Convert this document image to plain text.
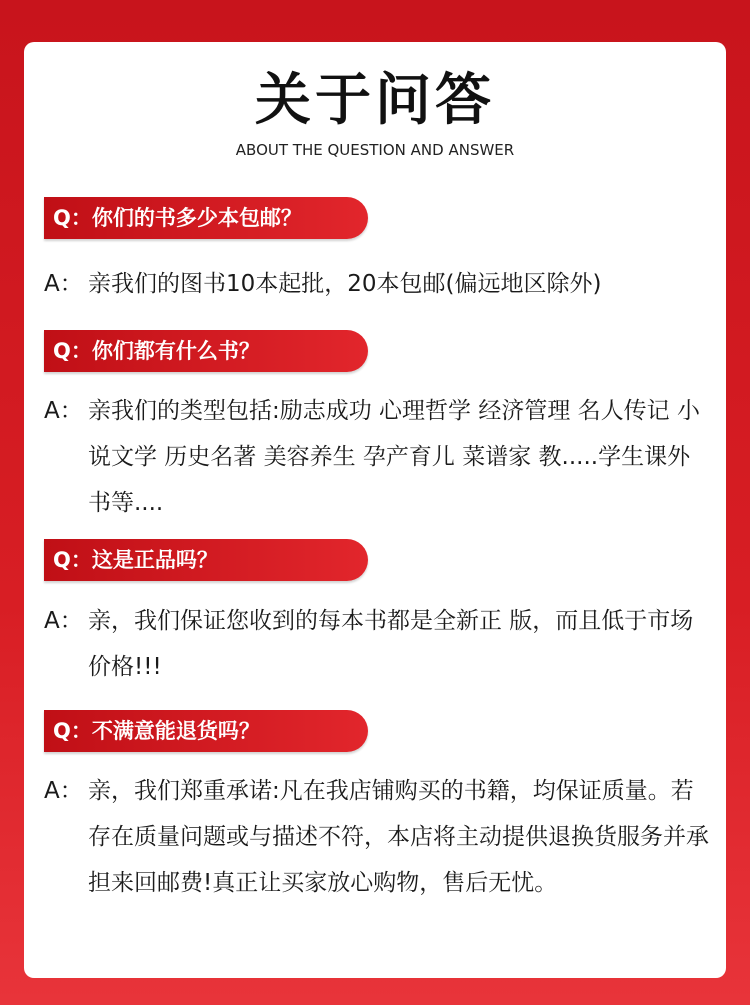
关于问答
ABOUT THE QUESTION AND ANSWER
Q：你们的书多少本包邮？
A： 亲我们的图书10本起批，20本包邮(偏远地区除外)
Q：你们都有什么书？
A： 亲我们的类型包括:励志成功 心理哲学 经济管理 名人传记 小说文学 历史名著 美容养生 孕产育儿 菜谱家 教.....学生课外书等....
Q：这是正品吗？
A： 亲，我们保证您收到的每本书都是全新正 版，而且低于市场价格!!!
Q：不满意能退货吗？
A： 亲，我们郑重承诺:凡在我店铺购买的书籍，均保证质量。若存在质量问题或与描述不符，本店将主动提供退换货服务并承担来回邮费!真正让买家放心购物，售后无忧。
